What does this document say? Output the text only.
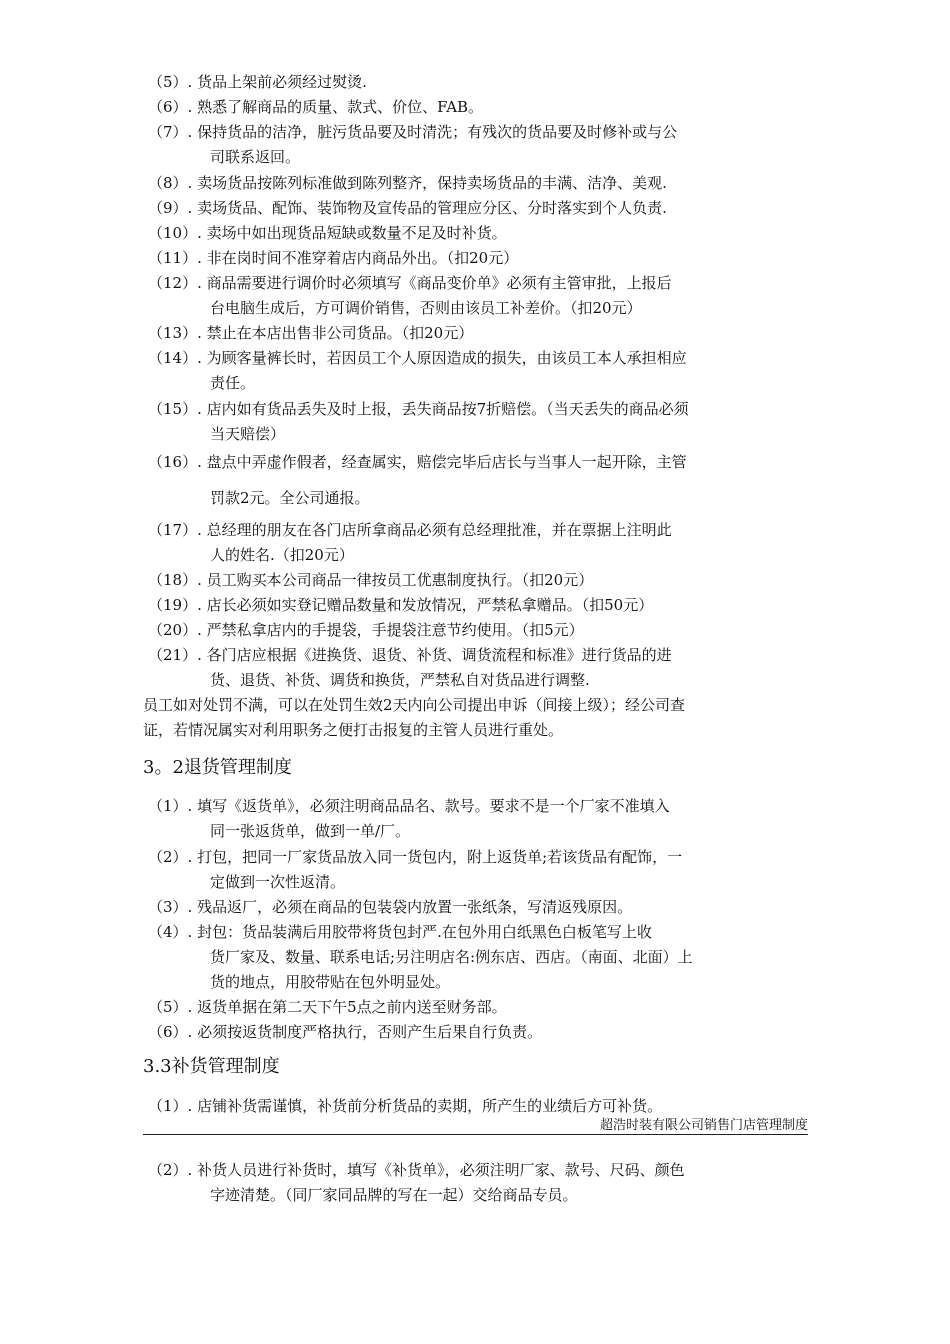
（5）. 货品上架前必须经过熨烫.
（6）. 熟悉了解商品的质量、款式、价位、FAB。
（7）. 保持货品的洁净，脏污货品要及时清洗；有残次的货品要及时修补或与公
司联系返回。
（8）. 卖场货品按陈列标准做到陈列整齐，保持卖场货品的丰满、洁净、美观.
（9）. 卖场货品、配饰、装饰物及宣传品的管理应分区、分时落实到个人负责.
（10）. 卖场中如出现货品短缺或数量不足及时补货。
（11）. 非在岗时间不准穿着店内商品外出。（扣20元）
（12）. 商品需要进行调价时必须填写《商品变价单》必须有主管审批，上报后
台电脑生成后，方可调价销售，否则由该员工补差价。（扣20元）
（13）. 禁止在本店出售非公司货品。（扣20元）
（14）. 为顾客量裤长时，若因员工个人原因造成的损失，由该员工本人承担相应
责任。
（15）. 店内如有货品丢失及时上报，丢失商品按7折赔偿。（当天丢失的商品必须
当天赔偿）
（16）. 盘点中弄虚作假者，经查属实，赔偿完毕后店长与当事人一起开除，主管
罚款2元。全公司通报。
（17）. 总经理的朋友在各门店所拿商品必须有总经理批准，并在票据上注明此
人的姓名.（扣20元）
（18）. 员工购买本公司商品一律按员工优惠制度执行。（扣20元）
（19）. 店长必须如实登记赠品数量和发放情况，严禁私拿赠品。（扣50元）
（20）. 严禁私拿店内的手提袋，手提袋注意节约使用。（扣5元）
（21）. 各门店应根据《进换货、退货、补货、调货流程和标准》进行货品的进
货、退货、补货、调货和换货，严禁私自对货品进行调整.
员工如对处罚不满，可以在处罚生效2天内向公司提出申诉（间接上级）；经公司查
证，若情况属实对利用职务之便打击报复的主管人员进行重处。
3。2退货管理制度
（1）. 填写《返货单》，必须注明商品品名、款号。要求不是一个厂家不准填入
同一张返货单，做到一单/厂。
（2）. 打包，把同一厂家货品放入同一货包内，附上返货单;若该货品有配饰，一
定做到一次性返清。
（3）. 残品返厂，必须在商品的包装袋内放置一张纸条，写清返残原因。
（4）. 封包：货品装满后用胶带将货包封严.在包外用白纸黑色白板笔写上收
货厂家及、数量、联系电话;另注明店名:例东店、西店。（南面、北面）上
货的地点，用胶带贴在包外明显处。
（5）. 返货单据在第二天下午5点之前内送至财务部。
（6）. 必须按返货制度严格执行，否则产生后果自行负责。
3.3补货管理制度
（1）. 店铺补货需谨慎，补货前分析货品的卖期，所产生的业绩后方可补货。
超浩时装有限公司销售门店管理制度
（2）. 补货人员进行补货时，填写《补货单》，必须注明厂家、款号、尺码、颜色
字迹清楚。（同厂家同品牌的写在一起）交给商品专员。
